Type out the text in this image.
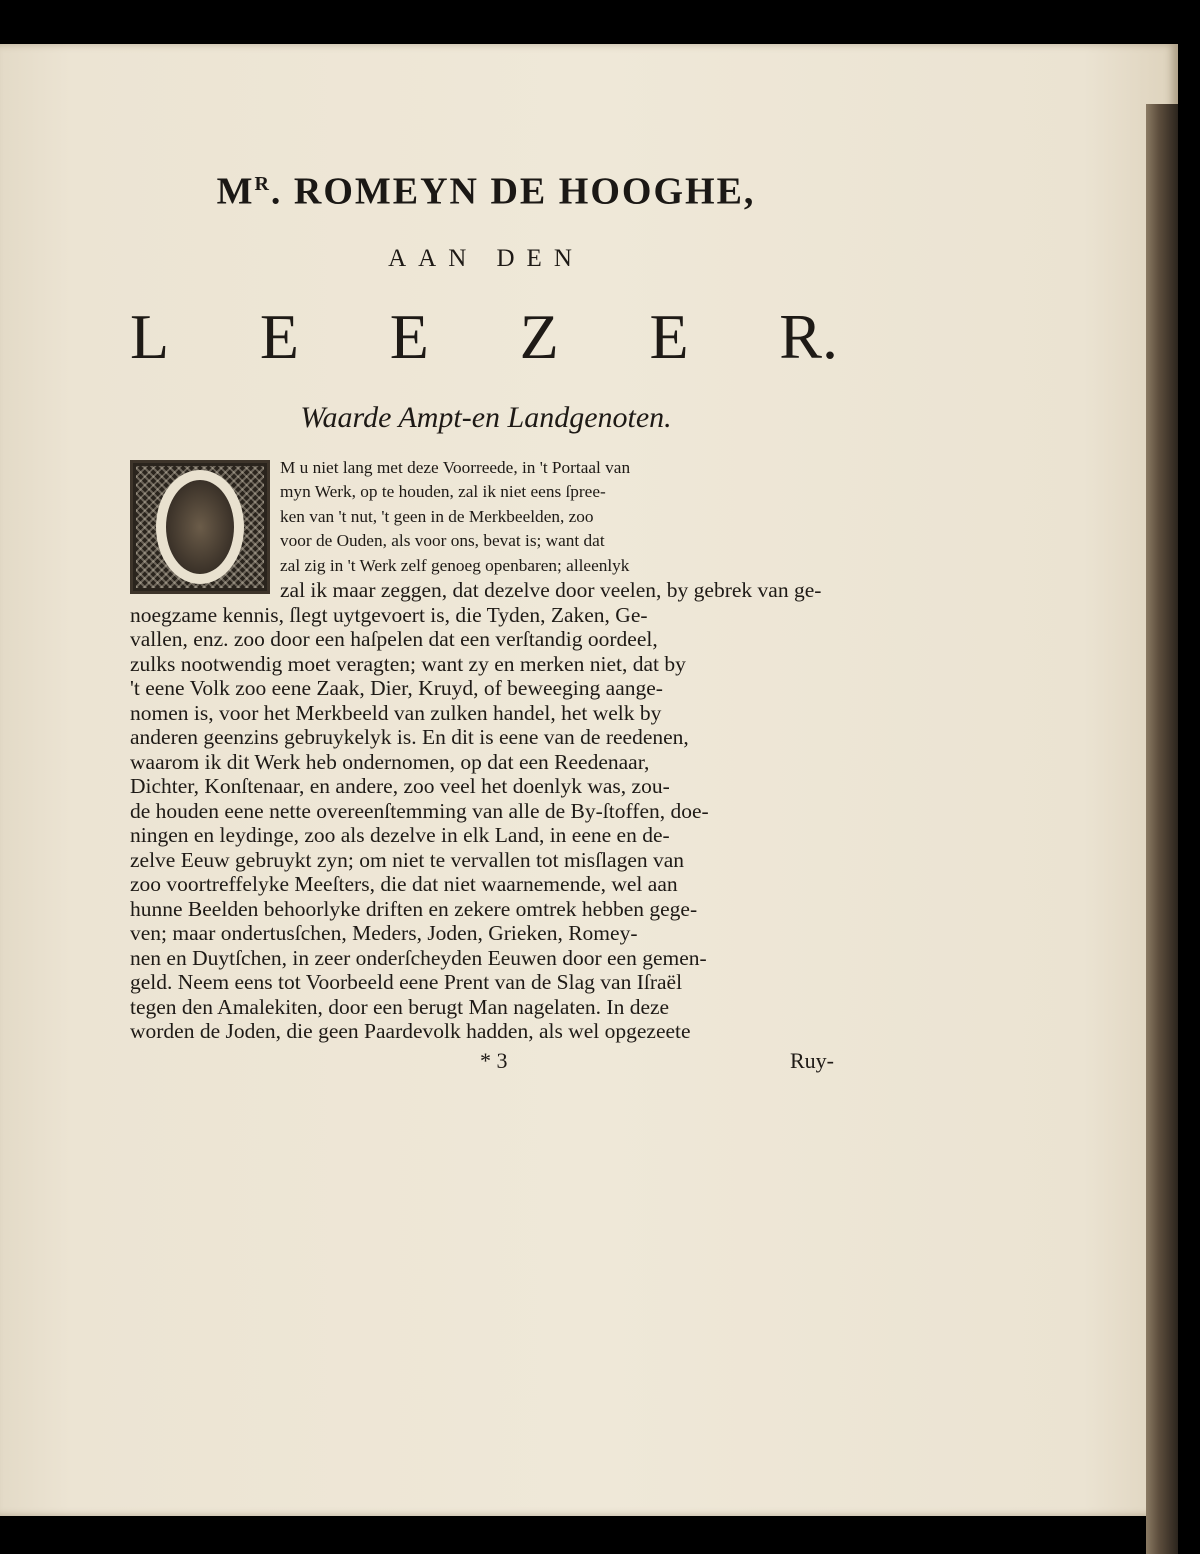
$M^R$. ROMEYN DE HOOGHE,
AAN DEN
L E E Z E R.
Waarde Ampt-en Landgenoten.
M u niet lang met deze Voorreede, in 't Portaal van
myn Werk, op te houden, zal ik niet eens ſpree-
ken van 't nut, 't geen in de Merkbeelden, zoo
voor de Ouden, als voor ons, bevat is; want dat
zal zig in 't Werk zelf genoeg openbaren; alleenlyk
zal ik maar zeggen, dat dezelve door veelen, by gebrek van ge-
noegzame kennis, ſlegt uytgevoert is, die Tyden, Zaken, Ge-
vallen, enz. zoo door een haſpelen dat een verſtandig oordeel,
zulks nootwendig moet veragten; want zy en merken niet, dat by
't eene Volk zoo eene Zaak, Dier, Kruyd, of beweeging aange-
nomen is, voor het Merkbeeld van zulken handel, het welk by
anderen geenzins gebruykelyk is. En dit is eene van de reedenen,
waarom ik dit Werk heb ondernomen, op dat een Reedenaar,
Dichter, Konſtenaar, en andere, zoo veel het doenlyk was, zou-
de houden eene nette overeenſtemming van alle de By-ſtoffen, doe-
ningen en leydinge, zoo als dezelve in elk Land, in eene en de-
zelve Eeuw gebruykt zyn; om niet te vervallen tot misſlagen van
zoo voortreffelyke Meeſters, die dat niet waarnemende, wel aan
hunne Beelden behoorlyke driften en zekere omtrek hebben gege-
ven; maar ondertusſchen, Meders, Joden, Grieken, Romey-
nen en Duytſchen, in zeer onderſcheyden Eeuwen door een gemen-
geld. Neem eens tot Voorbeeld eene Prent van de Slag van Iſraël
tegen den Amalekiten, door een berugt Man nagelaten. In deze
worden de Joden, die geen Paardevolk hadden, als wel opgezeete
* 3	Ruy-
